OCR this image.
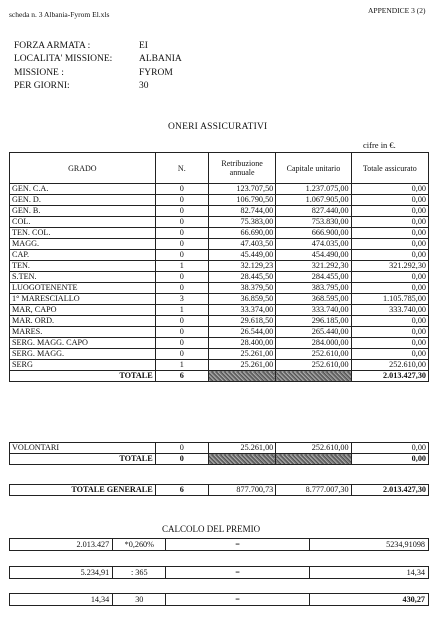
scheda n. 3 Albania-Fyrom El.xls	APPENDICE 3 (2)
FORZA ARMATA :	EI
LOCALITA' MISSIONE:	ALBANIA
MISSIONE :	FYROM
PER GIORNI:	30
ONERI ASSICURATIVI
cifre in €.
GRADO	N.	Retribuzione annuale	Capitale unitario	Totale assicurato
GEN. C.A.	0	123.707,50	1.237.075,00	0,00
GEN. D.	0	106.790,50	1.067.905,00	0,00
GEN. B.	0	82.744,00	827.440,00	0,00
COL.	0	75.383,00	753.830,00	0,00
TEN. COL.	0	66.690,00	666.900,00	0,00
MAGG.	0	47.403,50	474.035,00	0,00
CAP.	0	45.449,00	454.490,00	0,00
TEN.	1	32.129,23	321.292,30	321.292,30
S.TEN.	0	28.445,50	284.455,00	0,00
LUOGOTENENTE	0	38.379,50	383.795,00	0,00
1° MARESCIALLO	3	36.859,50	368.595,00	1.105.785,00
MAR, CAPO	1	33.374,00	333.740,00	333.740,00
MAR. ORD.	0	29.618,50	296.185,00	0,00
MARES.	0	26.544,00	265.440,00	0,00
SERG. MAGG. CAPO	0	28.400,00	284.000,00	0,00
SERG. MAGG.	0	25.261,00	252.610,00	0,00
SERG	1	25.261,00	252.610,00	252.610,00
TOTALE	6			2.013.427,30
VOLONTARI	0	25.261,00	252.610,00	0,00
TOTALE	0			0,00
TOTALE GENERALE	6	877.700,73	8.777.007,30	2.013.427,30
CALCOLO DEL PREMIO
2.013.427	*0,260%	=	5234,91098
5.234,91	: 365	=	14,34
14,34	30	=	430,27
